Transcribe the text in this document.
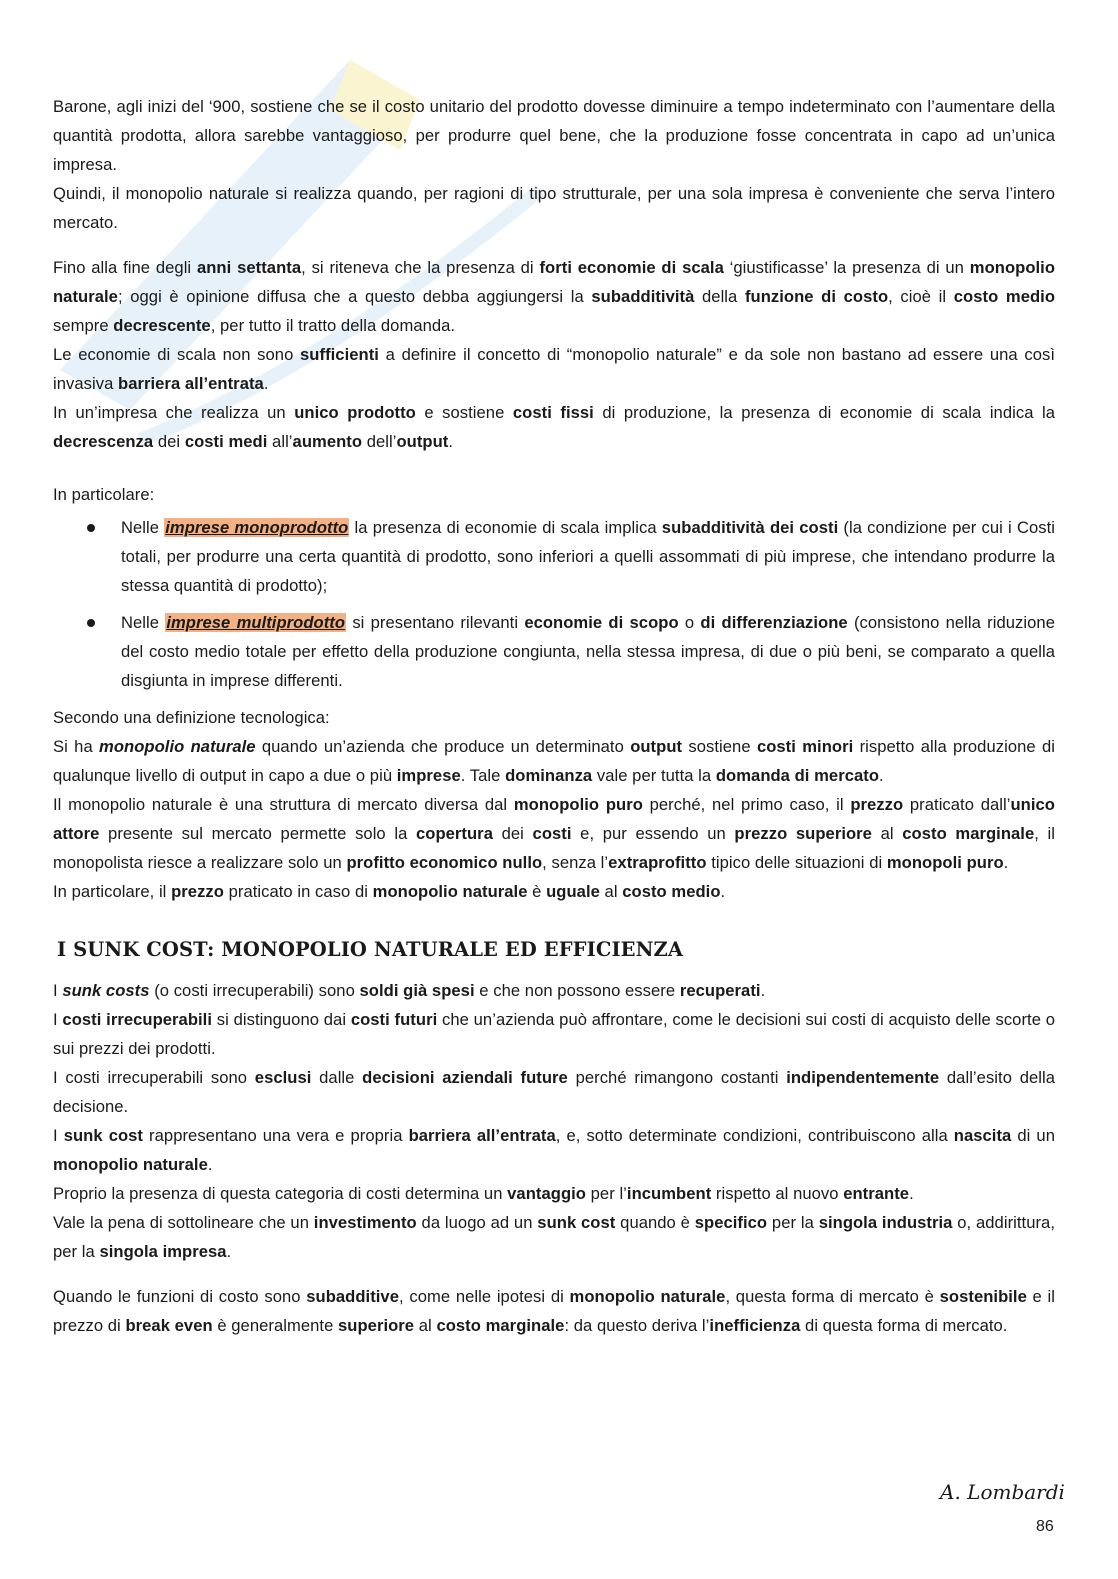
Barone, agli inizi del ‘900, sostiene che se il costo unitario del prodotto dovesse diminuire a tempo indeterminato con l’aumentare della quantità prodotta, allora sarebbe vantaggioso, per produrre quel bene, che la produzione fosse concentrata in capo ad un’unica impresa.

Quindi, il monopolio naturale si realizza quando, per ragioni di tipo strutturale, per una sola impresa è conveniente che serva l’intero mercato.

Fino alla fine degli anni settanta, si riteneva che la presenza di forti economie di scala ‘giustificasse’ la presenza di un monopolio naturale; oggi è opinione diffusa che a questo debba aggiungersi la subadditività della funzione di costo, cioè il costo medio sempre decrescente, per tutto il tratto della domanda.

Le economie di scala non sono sufficienti a definire il concetto di “monopolio naturale” e da sole non bastano ad essere una così invasiva barriera all’entrata.

In un’impresa che realizza un unico prodotto e sostiene costi fissi di produzione, la presenza di economie di scala indica la decrescenza dei costi medi all’aumento dell’output.

In particolare:

Nelle imprese monoprodotto la presenza di economie di scala implica subadditività dei costi (la condizione per cui i Costi totali, per produrre una certa quantità di prodotto, sono inferiori a quelli assommati di più imprese, che intendano produrre la stessa quantità di prodotto);
Nelle imprese multiprodotto si presentano rilevanti economie di scopo o di differenziazione (consistono nella riduzione del costo medio totale per effetto della produzione congiunta, nella stessa impresa, di due o più beni, se comparato a quella disgiunta in imprese differenti.

Secondo una definizione tecnologica:

Si ha monopolio naturale quando un’azienda che produce un determinato output sostiene costi minori rispetto alla produzione di qualunque livello di output in capo a due o più imprese. Tale dominanza vale per tutta la domanda di mercato.

Il monopolio naturale è una struttura di mercato diversa dal monopolio puro perché, nel primo caso, il prezzo praticato dall’unico attore presente sul mercato permette solo la copertura dei costi e, pur essendo un prezzo superiore al costo marginale, il monopolista riesce a realizzare solo un profitto economico nullo, senza l’extraprofitto tipico delle situazioni di monopoli puro.

In particolare, il prezzo praticato in caso di monopolio naturale è uguale al costo medio.

I SUNK COST: MONOPOLIO NATURALE ED EFFICIENZA

I sunk costs (o costi irrecuperabili) sono soldi già spesi e che non possono essere recuperati.

I costi irrecuperabili si distinguono dai costi futuri che un’azienda può affrontare, come le decisioni sui costi di acquisto delle scorte o sui prezzi dei prodotti.

I costi irrecuperabili sono esclusi dalle decisioni aziendali future perché rimangono costanti indipendentemente dall’esito della decisione.

I sunk cost rappresentano una vera e propria barriera all’entrata, e, sotto determinate condizioni, contribuiscono alla nascita di un monopolio naturale.

Proprio la presenza di questa categoria di costi determina un vantaggio per l’incumbent rispetto al nuovo entrante.

Vale la pena di sottolineare che un investimento da luogo ad un sunk cost quando è specifico per la singola industria o, addirittura, per la singola impresa.

Quando le funzioni di costo sono subadditive, come nelle ipotesi di monopolio naturale, questa forma di mercato è sostenibile e il prezzo di break even è generalmente superiore al costo marginale: da questo deriva l’inefficienza di questa forma di mercato.

A. Lombardi
86
